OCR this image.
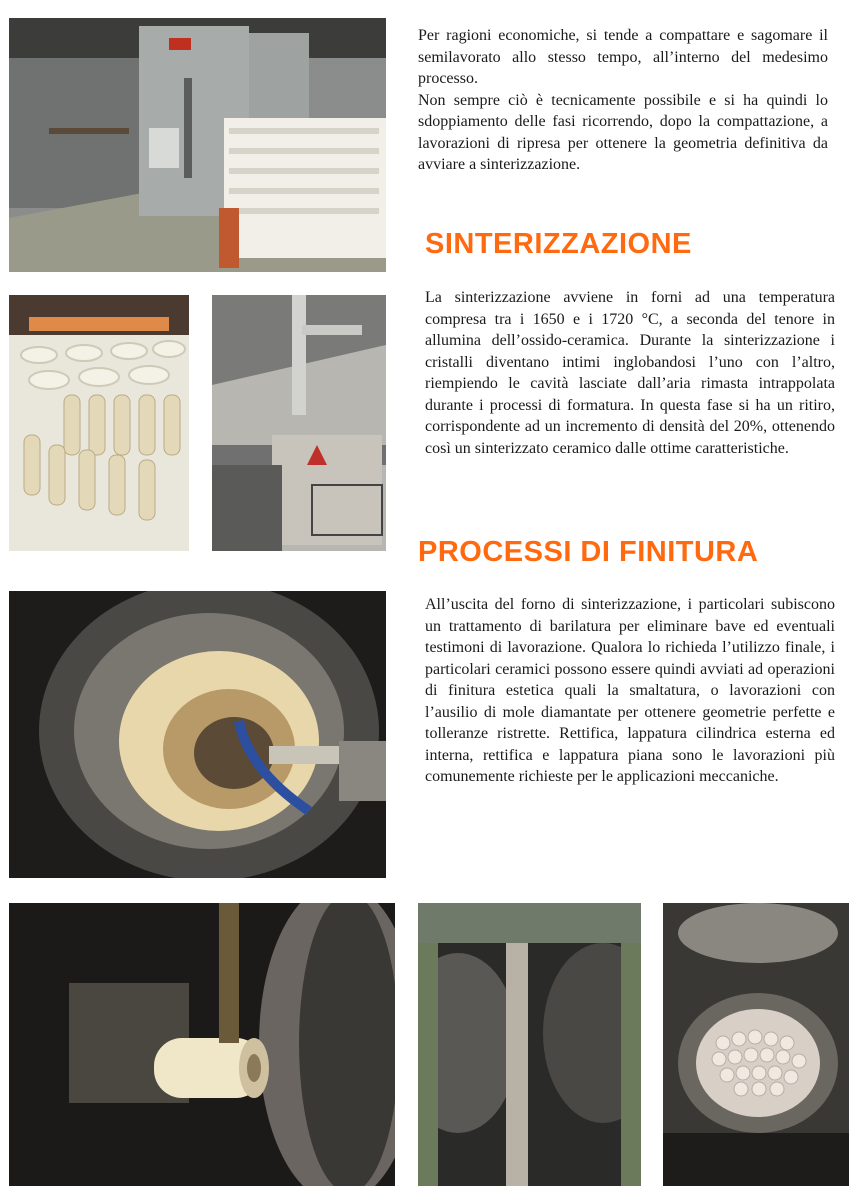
Per ragioni economiche, si tende a compattare e sagomare il semilavorato allo stesso tempo, all’interno del medesimo processo.

Non sempre ciò è tecnicamente possibile e si ha quindi lo sdoppiamento delle fasi ricorrendo, dopo la compattazione, a lavorazioni di ripresa per ottenere la geometria definitiva da avviare a sinterizzazione.

SINTERIZZAZIONE

La sinterizzazione avviene in forni ad una temperatura compresa tra i 1650 e i 1720 °C, a seconda del tenore in allumina dell’ossido-ceramica. Durante la sinterizzazione i cristalli diventano intimi inglobandosi l’uno con l’altro, riempiendo le cavità lasciate dall’aria rimasta intrappolata durante i processi di formatura. In questa fase si ha un ritiro, corrispondente ad un incremento di densità del 20%, ottenendo così un sinterizzato ceramico dalle ottime caratteristiche.

PROCESSI DI FINITURA

All’uscita del forno di sinterizzazione, i particolari subiscono un trattamento di barilatura per eliminare bave ed eventuali testimoni di lavorazione. Qualora lo richieda l’utilizzo finale, i particolari ceramici possono essere quindi avviati ad operazioni di finitura estetica quali la smaltatura, o lavorazioni con l’ausilio di mole diamantate per ottenere geometrie perfette e tolleranze ristrette. Rettifica, lappatura cilindrica esterna ed interna, rettifica e lappatura piana sono le lavorazioni più comunemente richieste per le applicazioni meccaniche.
